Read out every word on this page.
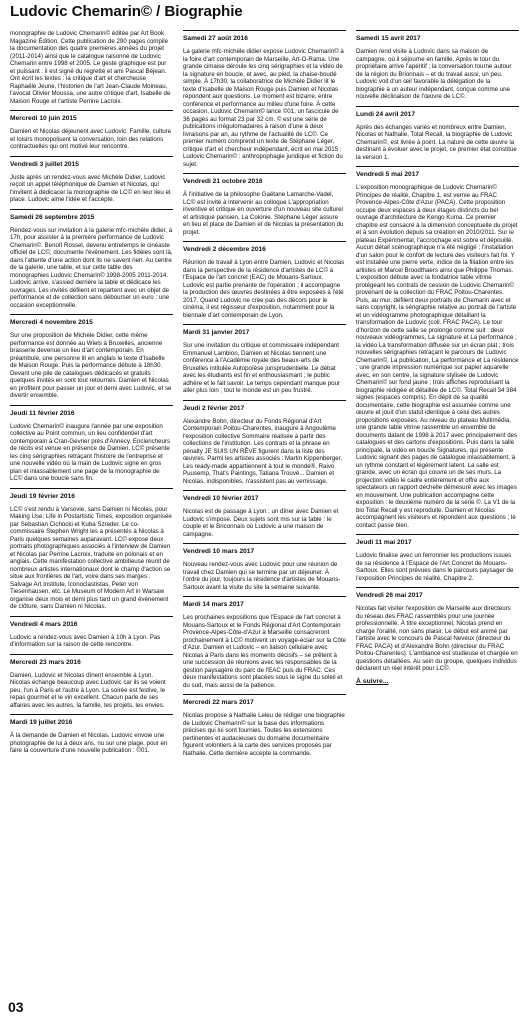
Ludovic Chemarin© / Biographie

monographie de Ludovic Chemarin© éditée par Art Book Magazine Édition. Cette publication de 290 pages compile la documentation des quatre premières années du projet (2011-2014) ainsi que le catalogue raisonné de Ludovic Chemarin entre 1998 et 2005. Le geste graphique est pur et puissant : il est signé du regretté et ami Pascal Béjean. Ont écrit les textes : la critique d'art et chercheuse Raphaële Jeune, l'historien de l'art Jean-Claude Moineau, l'avocat Olivier Moussa, une autre critique d'art, Isabelle de Maison Rouge et l'artiste Perrine Lacroix.

Mercredi 10 juin 2015

Damien et Nicolas déjeunent avec Ludovic. Famille, culture et loisirs monopolisent la conversation, loin des relations contractuelles qui ont motivé leur rencontre.

Vendredi 3 juillet 2015

Juste après un rendez-vous avec Michèle Didier, Ludovic reçoit un appel téléphonique de Damien et Nicolas, qui l'invitent à dédicacer la monographie de LC© en leur lieu et place. Ludovic aime l'idée et l'accepte.

Samedi 26 septembre 2015

Rendez-vous sur invitation à la galerie mfc-michèle didier, à 17h, pour assister à la première performance de Ludovic Chemarin©. Benoît Rossel, devenu entretemps le cinéaste officiel de LC©, documente l'événement. Les fidèles sont là, dans l'attente d'une action dont ils ne savent rien. Au centre de la galerie, une table, et sur cette table des monographies Ludovic Chemarin© 1998-2005 2011-2014. Ludovic arrive, s'assied derrière la table et dédicace les ouvrages. Les invités défilent et repartent avec un objet de performance et de collection sans débourser un euro : une occasion exceptionnelle.

Mercredi 4 novembre 2015

Sur une proposition de Michèle Didier, cette même performance est donnée au Wiels à Bruxelles, ancienne brasserie devenue un lieu d'art contemporain. En préambule, une personne lit en anglais le texte d'Isabelle de Maison Rouge. Puis la performance débute à 18h30. Devant une pile de catalogues dédicacés et gratuits : quelques invités en sont tout retournés. Damien et Nicolas en profitent pour passer un jour et demi avec Ludovic, et se divertir ensemble.

Jeudi 11 février 2016

Ludovic Chemarin© inaugure l'année par une exposition collective au Point commun, un lieu confidentiel d'art contemporain à Cran-Gevrier près d'Annecy. Enclencheurs de récits est venue en présence de Damien. LC© présente les cinq sérigraphies retraçant l'histoire de l'entreprise et une nouvelle vidéo où la main de Ludovic signe en gros plan et inlassablement une page de la monographie de LC© dans une boucle sans fin.

Jeudi 19 février 2016

LC© s'est rendu à Varsovie, sans Damien ni Nicolas, pour Making Use: Life in Postartistic Times, exposition organisée par Sebastian Cichocki et Kuba Szreder. Le co-commissaire Stephen Wright les a présentés à Nicolas à Paris quelques semaines auparavant. LC© expose deux portraits photographiques associés à l'interview de Damien et Nicolas par Perrine Lacroix, traduite en polonais et en anglais. Cette manifestation collective ambitieuse réunit de nombreux artistes internationaux dont le champ d'action se situe aux frontières de l'art, voire dans ses marges : Salvage Art Institute, Iconoclastistas, Peter von Tiesenhausen, etc. Le Museum of Modern Art in Warsaw organise deux mois et demi plus tard un grand événement de clôture, sans Damien ni Nicolas.

Vendredi 4 mars 2016

Ludovic a rendez-vous avec Damien à 10h à Lyon. Pas d'information sur la raison de cette rencontre.

Mercredi 23 mars 2016

Damien, Ludovic et Nicolas dînent ensemble à Lyon. Nicolas échange beaucoup avec Ludovic car ils se voient peu, l'un à Paris et l'autre à Lyon. La soirée est festive, le repas gourmet et le vin excellent. Chacun parle de ses affaires avec les autres, la famille, les projets, les envies.

Mardi 19 juillet 2016

À la demande de Damien et Nicolas, Ludovic envoie une photographie de lui à deux ans, nu sur une plage, pour en faire la couverture d'une nouvelle publication : ©01.

Samedi 27 août 2016

La galerie mfc-michèle didier expose Ludovic Chemarin© à la foire d'art contemporain de Marseille, Art-O-Rama. Une grande cimaise déroule les cinq sérigraphies et la vidéo de la signature en boucle, et avec, au pied, la chaise-boudé simple. À 17h30, la collaboratrice de Michèle Didier lit le texte d'Isabelle de Maison Rouge puis Damien et Nicolas répondent aux questions. Le moment est bizarre, entre conférence et performance au milieu d'une foire. À cette occasion, Ludovic Chemarin© lance ©01, un fascicule de 36 pages au format 23 par 32 cm. © est une série de publications irrégulomadaires à raison d'une à deux livraisons par an, au rythme de l'actualité de LC©. Ce premier numéro comprend un texte de Stéphane Léger, critique d'art et chercheur indépendant, écrit en mai 2015 : Ludovic Chemarin© : anthropophagie juridique et fiction du sujet.

Vendredi 21 octobre 2016

À l'initiative de la philosophe Gaëtane Lamarche-Vadel, LC© est invité à intervenir au colloque L'appropriation inventive et critique en ouverture d'un nouveau site culturel et artistique parisien, La Colonie. Stéphane Léger assure en lieu et place de Damien et de Nicolas la présentation du projet.

Vendredi 2 décembre 2016

Réunion de travail à Lyon entre Damien, Ludovic et Nicolas dans la perspective de la résidence d'artistes de LC© à l'Espace de l'art concret (EAC) de Mouans-Sartoux. Ludovic est partie prenante de l'opération ; il accompagne la production des œuvres destinées à être exposées à l'été 2017. Quand Ludovic ne crée pas des décors pour le cinéma, il est régisseur d'exposition, notamment pour la biennale d'art contemporain de Lyon.

Mardi 31 janvier 2017

Sur une invitation du critique et commissaire indépendant Emmanuel Lambion, Damien et Nicolas tiennent une conférence à l'Académie royale des beaux-arts de Bruxelles intitulée Autopoïèse jurisprudentielle. Le débat avec les étudiants est fin et enthousiasmant ; le public adhère et le fait savoir. Le temps cependant manque pour aller plus loin ; tout le monde est un peu frustré.

Jeudi 2 février 2017

Alexandre Bohn, directeur du Fonds Régional d'Art Contemporain Poitou-Charentes, inaugure à Angoulême l'exposition collective Sommaire réalisée à partir des collections de l'institution. Les contrats et la phrase en pénalty JE SUIS UN RÊVE figurent dans la liste des œuvres. Parmi les artistes associés : Martin Kippenberger, Les ready-made appartiennent à tout le monde®, Raivo Puusemp, That's Paintings, Tatiana Trouvé... Damien et Nicolas, indisponibles, n'assistent pas au vernissage.

Vendredi 10 février 2017

Nicolas est de passage à Lyon ; un dîner avec Damien et Ludovic s'impose. Deux sujets sont mis sur la table : le couple et le Briconnais où Ludovic a une maison de campagne.

Vendredi 10 mars 2017

Nouveau rendez-vous avec Ludovic pour une réunion de travail chez Damien qui se termine par un déjeuner. À l'ordre du jour, toujours la résidence d'artistes de Mouans-Sartoux avant la visite du site la semaine suivante.

Mardi 14 mars 2017

Les prochaines expositions que l'Espace de l'art concret à Mouans-Sartoux et le Fonds Régional d'Art Contemporain Provence-Alpes-Côte-d'Azur à Marseille consacreront prochainement à LC© motivent un voyage-éclair sur la Côte d'Azur. Damien et Ludovic – en liaison cellulaire avec Nicolas à Paris dans les moments décisifs – se prêtent à une succession de réunions avec les responsables de la gestion paysagère du parc de l'EAC puis du FRAC. Ces deux manifestations sont placées sous le signe du soleil et du sud, mais aussi de la patience.

Mercredi 22 mars 2017

Nicolas propose à Nathalie Leleu de rédiger une biographie de Ludovic Chemarin© sur la base des informations précises qui lui sont fournies. Toutes les extensions pertinentes et audacieuses du domaine documentaire figurent volontiers à la carte des services proposés par Nathalie. Cette dernière accepte la commande.

Samedi 15 avril 2017

Damien rend visite à Ludovic dans sa maison de campagne, où il séjourne en famille. Après le tour du propriétaire arrive l'apéritif ; la conversation tourne autour de la région du Brionnais – et du travail aussi, un peu. Ludovic voit d'un œil favorable la délégation de la biographie à un auteur indépendant, conçue comme une nouvelle déclinaison de l'œuvre de LC©.

Lundi 24 avril 2017

Après des échanges variés et nombreux entre Damien, Nicolas et Nathalie, Total Recall, la biographie de Ludovic Chemarin©, est livrée à point. La nature de cette œuvre la destinant à évoluer avec le projet, ce premier état constitue la version 1.

Vendredi 5 mai 2017

L'exposition monographique de Ludovic Chemarin© Principes de réalité, Chapitre 1, est vernie au FRAC Provence-Alpes-Côte d'Azur (PACA). Cette proposition occupe deux espaces à deux étages distincts du bel ouvrage d'architecture de Kengo Kuma. Ce premier chapitre est consacré à la dimension conceptuelle du projet et à son évolution depuis sa création en 2010/2011. Sur le plateau Expérimental, l'accrochage est sobre et dépouillé. Aucun détail scénographique n'a été négligé ; l'installation d'un salon pour le confort de lecture des visiteurs fait foi. Y est installée une pierre verte, indice de la filiation entre les artistes et Marcel Broodthaers ainsi que Philippe Thomas. L'exposition débute avec la fondatrice table vitrine protégeant les contrats de cession de Ludovic Chemarin© provenant de la collection du FRAC Poitou-Charentes. Puis, au mur, défilent deux portraits de Chemarin avec et sans copyright, la sérigraphie relative au portrait de l'artiste et un vidéogramme photographique détaillant la transformation de Ludovic (coll. FRAC PACA). Le tour d'horizon de cette salle se prolonge comme suit : deux nouveaux vidéogrammes, La signature et La performance ; la vidéo La transformation diffusée sur un écran plat ; trois nouvelles sérigraphies retraçant le parcours de Ludovic Chemarin©, La publication, La performance et La résidence ; une grande impression numérique sur papier aquarelle avec, en son centre, la signature stylisée de Ludovic Chemarin© sur fond jaune ; trois affiches reproduisant la biographie rédigée et détaillée de LC©. Total Recall 34 384 signes (espaces compris). En dépit de sa qualité documentaire, cette biographie est assumée comme une œuvre et jouit d'un statut identique à celui des autres propositions exposées. Au niveau du plateau Multimédia, une grande table vitrine rassemble un ensemble de documents datant de 1998 à 2017 avec principalement des catalogues et des cartons d'expositions. Puis dans la salle principale, la vidéo en boucle Signatures, qui présente Ludovic signant des pages de catalogue inlassablement, à un rythme constant et légèrement latent. La salle est grande, avec un écran qui couvre un de ses murs. La projection vidéo le cadre entièrement et offre aux spectateurs un rapport déchelle démesuré avec les images en mouvement. Une publication accompagne cette exposition : le deuxième numéro de la série ©. La V1 de la bio Total Recall y est reproduite. Damien et Nicolas accompagnent les visiteurs et répondent aux questions ; le contact passe bien.

Jeudi 11 mai 2017

Ludovic finalise avec un ferronnier les productions issues de sa résidence à l'Espace de l'Art Concret de Mouans-Sartoux. Elles sont prévues dans le parcours paysager de l'exposition Principes de réalité, Chapitre 2.

Vendredi 26 mai 2017

Nicolas fait visiter l'exposition de Marseille aux directeurs du réseau des FRAC rassemblés pour une journée professionnelle. À titre exceptionnel, Nicolas prend en charge l'oralité, non sans plaisir. Le début est animé par l'artiste avec le concours de Pascal Neveux (directeur du FRAC PACA) et d'Alexandre Bohn (directeur du FRAC Poitou-Charentes). L'ambiance est studieuse et chargée en questions détaillées. Au sein du groupe, quelques individus déclarent un réel intérêt pour LC©.

À suivre...
03
